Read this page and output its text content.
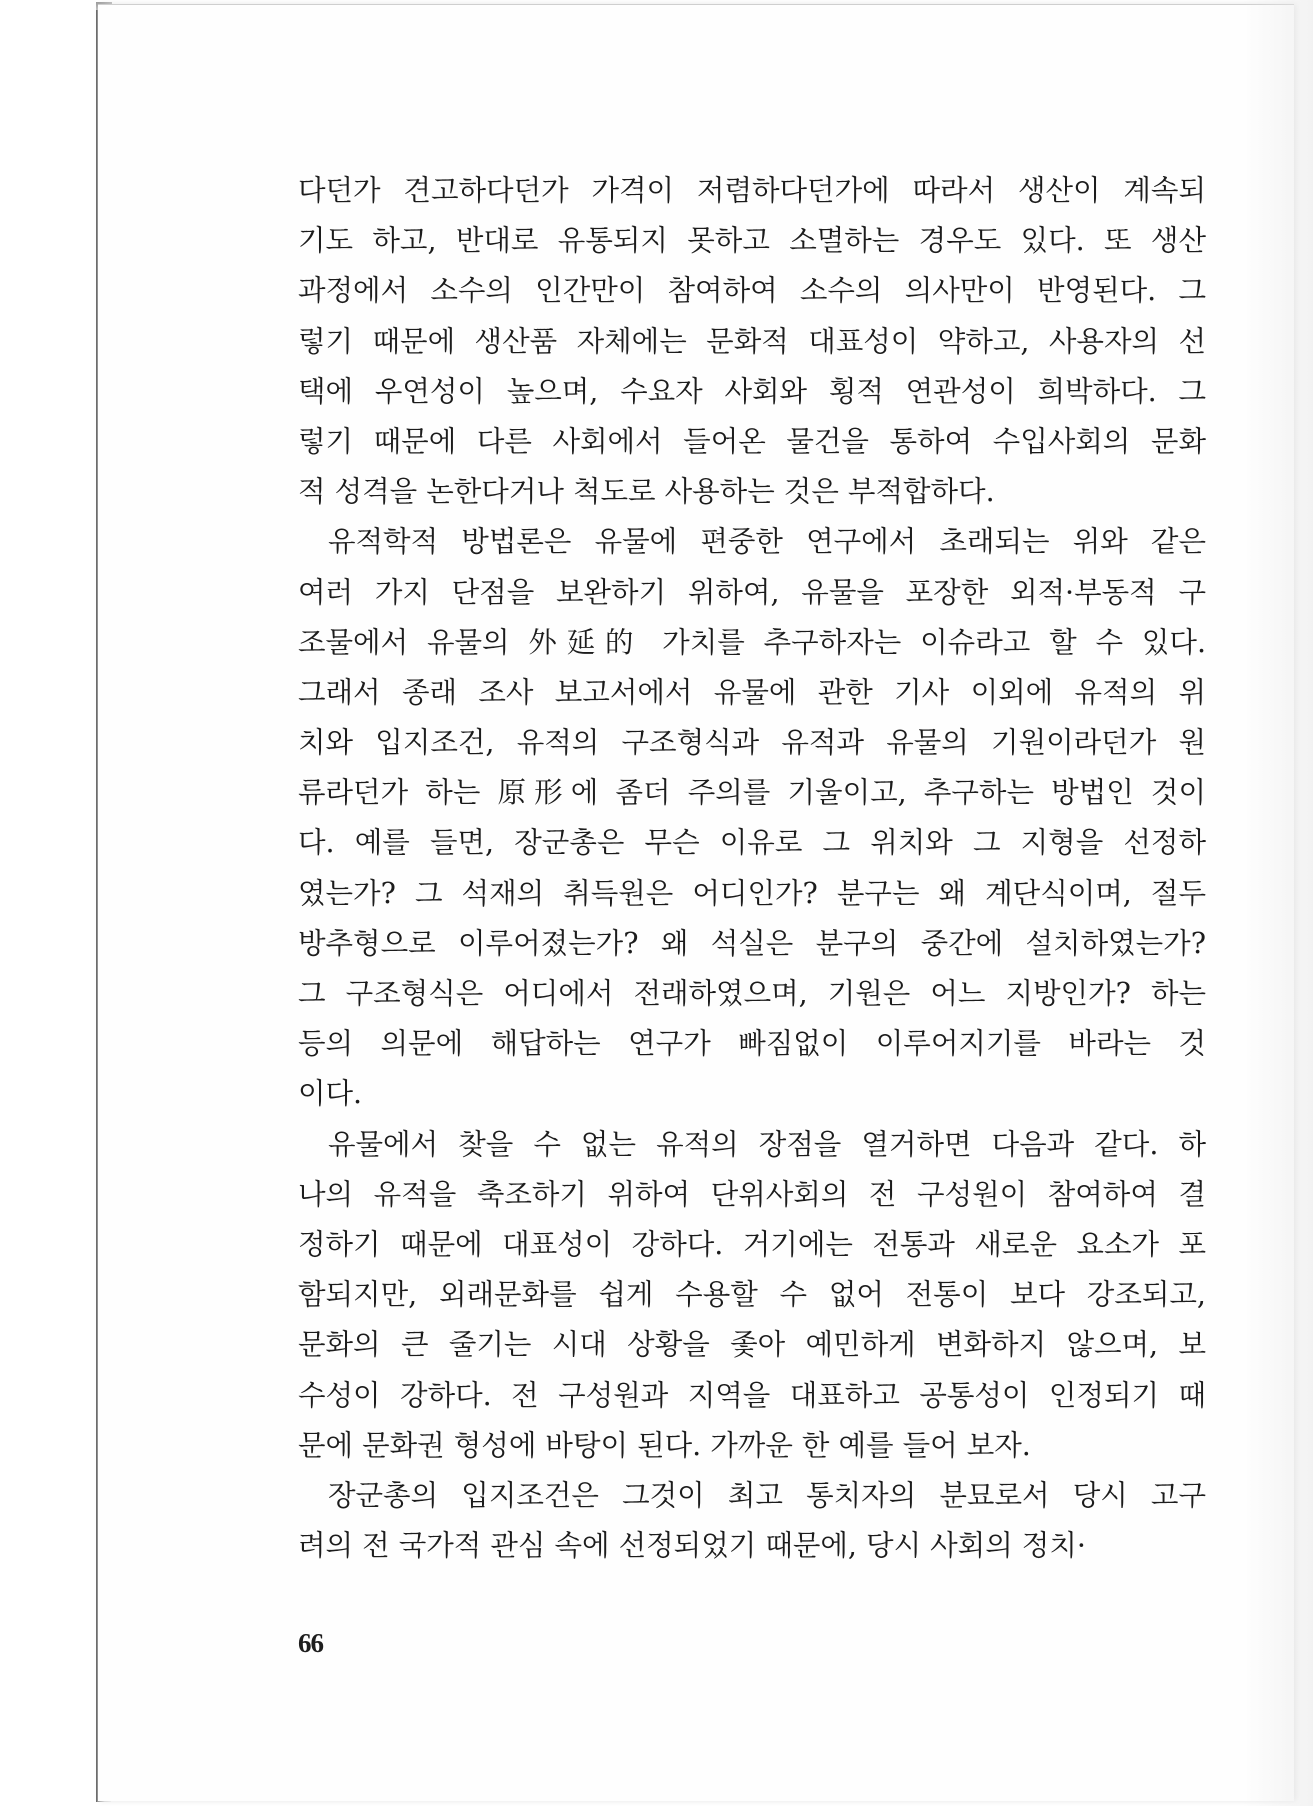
다던가 견고하다던가 가격이 저렴하다던가에 따라서 생산이 계속되
기도 하고, 반대로 유통되지 못하고 소멸하는 경우도 있다. 또 생산
과정에서 소수의 인간만이 참여하여 소수의 의사만이 반영된다. 그
렇기 때문에 생산품 자체에는 문화적 대표성이 약하고, 사용자의 선
택에 우연성이 높으며, 수요자 사회와 횡적 연관성이 희박하다. 그
렇기 때문에 다른 사회에서 들어온 물건을 통하여 수입사회의 문화
적 성격을 논한다거나 척도로 사용하는 것은 부적합하다.
유적학적 방법론은 유물에 편중한 연구에서 초래되는 위와 같은
여러 가지 단점을 보완하기 위하여, 유물을 포장한 외적·부동적 구
조물에서 유물의 外延的 가치를 추구하자는 이슈라고 할 수 있다.
그래서 종래 조사 보고서에서 유물에 관한 기사 이외에 유적의 위
치와 입지조건, 유적의 구조형식과 유적과 유물의 기원이라던가 원
류라던가 하는 原形에 좀더 주의를 기울이고, 추구하는 방법인 것이
다. 예를 들면, 장군총은 무슨 이유로 그 위치와 그 지형을 선정하
였는가? 그 석재의 취득원은 어디인가? 분구는 왜 계단식이며, 절두
방추형으로 이루어졌는가? 왜 석실은 분구의 중간에 설치하였는가?
그 구조형식은 어디에서 전래하였으며, 기원은 어느 지방인가? 하는
등의 의문에 해답하는 연구가 빠짐없이 이루어지기를 바라는 것
이다.
유물에서 찾을 수 없는 유적의 장점을 열거하면 다음과 같다. 하
나의 유적을 축조하기 위하여 단위사회의 전 구성원이 참여하여 결
정하기 때문에 대표성이 강하다. 거기에는 전통과 새로운 요소가 포
함되지만, 외래문화를 쉽게 수용할 수 없어 전통이 보다 강조되고,
문화의 큰 줄기는 시대 상황을 좇아 예민하게 변화하지 않으며, 보
수성이 강하다. 전 구성원과 지역을 대표하고 공통성이 인정되기 때
문에 문화권 형성에 바탕이 된다. 가까운 한 예를 들어 보자.
장군총의 입지조건은 그것이 최고 통치자의 분묘로서 당시 고구
려의 전 국가적 관심 속에 선정되었기 때문에, 당시 사회의 정치·
66
